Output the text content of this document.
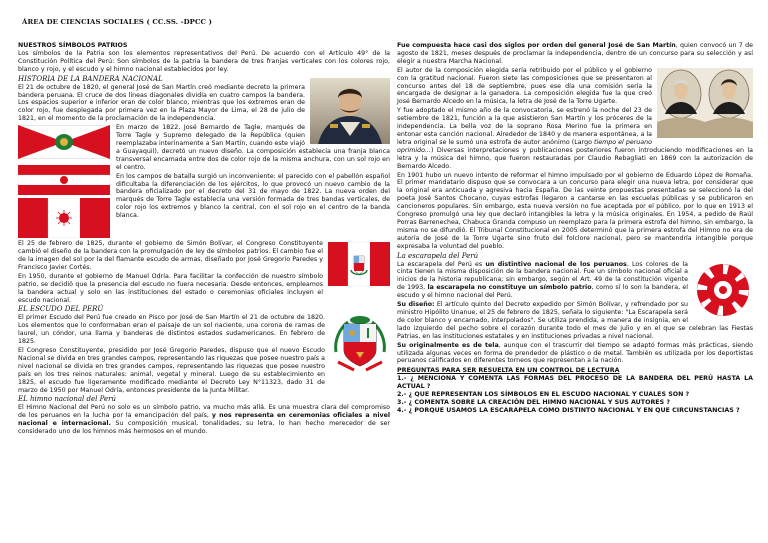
ÁREA DE CIENCIAS SOCIALES ( CC.SS. -DPCC )

NUESTROS SÍMBOLOS PATRIOS

Los símbolos de la Patria son los elementos representativos del Perú. De acuerdo con el Artículo 49° de la Constitución Política del Perú: Son símbolos de la patria la bandera de tres franjas verticales con los colores rojo, blanco y rojo, y el escudo y el himno nacional establecidos por ley.

HISTORIA DE LA BANDERA NACIONAL

El 21 de octubre de 1820, el general José de San Martín creó mediante decreto la primera bandera peruana. El cruce de dos líneas diagonales dividía en cuatro campos la bandera. Los espacios superior e inferior eran de color blanco, mientras que los extremos eran de color rojo, fue desplegada por primera vez en la Plaza Mayor de Lima, el 28 de julio de 1821, en el momento de la proclamación de la independencia.

En marzo de 1822, José Bernardo de Tagle, marqués de Torre Tagle y Supremo delegado de la República (quien reemplazaba interinamente a San Martín, cuando este viajó a Guayaquil), decretó un nuevo diseño. La composición establecía una franja blanca transversal encamada entre dos de color rojo de la misma anchura, con un sol rojo en el centro.

En los campos de batalla surgió un inconveniente: el parecido con el pabellón español dificultaba la diferenciación de los ejércitos, lo que provocó un nuevo cambio de la bandera oficializado por el decreto del 31 de mayo de 1822. La nueva orden del marqués de Torre Tagle establecía una versión formada de tres bandas verticales, de color rojo los extremos y blanco la central, con el sol rojo en el centro de la banda blanca.

El 25 de febrero de 1825, durante el gobierno de Simón Bolívar, el Congreso Constituyente cambió el diseño de la bandera con la promulgación de ley de símbolos patrios. El cambio fue el de la imagen del sol por la del flamante escudo de armas, diseñado por José Gregorio Paredes y Francisco Javier Cortés.

En 1950, durante el gobierno de Manuel Odría. Para facilitar la confección de nuestro símbolo patrio, se decidió que la presencia del escudo no fuera necesaria. Desde entonces, empleamos la bandera actual y solo en las instituciones del estado o ceremonias oficiales incluyen el escudo nacional.

EL ESCUDO DEL PERÚ

El primer Escudo del Perú fue creado en Pisco por José de San Martín el 21 de octubre de 1820. Los elementos que lo conformaban eran el paisaje de un sol naciente, una corona de ramas de laurel, un cóndor, una llama y banderas de distintos estados sudamericanos. En febrero de 1825.

El Congreso Constituyente, presidido por José Gregorio Paredes, dispuso que el nuevo Escudo Nacional se divida en tres grandes campos, representando las riquezas que posee nuestro país a nivel nacional se divida en tres grandes campos, representando las riquezas que posee nuestro país en los tres reinos naturales: animal, vegetal y mineral. Luego de su establecimiento en 1825, el escudo fue ligeramente modificado mediante el Decreto Ley N°11323, dado 31 de marzo de 1950 por Manuel Odría, entonces presidente de la Junta Militar.

EL himno nacional del Perú

El Himno Nacional del Perú no solo es un símbolo patrio, va mucho más allá. Es una muestra clara del compromiso de los peruanos en la lucha por la emancipación del país, y nos representa en ceremonias oficiales a nivel nacional e internacional. Su composición musical, tonalidades, su letra, lo han hecho merecedor de ser considerado uno de los himnos más hermosos en el mundo.

Fue compuesta hace casi dos siglos por orden del general José de San Martín, quien convocó un 7 de agosto de 1821, meses después de proclamar la independencia, dentro de un concurso para su selección y así elegir a nuestra Marcha Nacional.

El autor de la composición elegida sería retribuido por el público y el gobierno con la gratitud nacional. Fueron siete las composiciones que se presentaron al concurso antes del 18 de septiembre, pues ese día una comisión sería la encargada de designar a la ganadora. La composición elegida fue la que creó José Bernardo Alcedo en la música, la letra de José de la Torre Ugarte.

Y fue adoptado el mismo año de la convocatoria, se estrenó la noche del 23 de setiembre de 1821, función a la que asistieron San Martín y los próceres de la independencia. La bella voz de la soprano Rosa Merino fue la primera en entonar esta canción nacional. Alrededor de 1840 y de manera espontánea, a la letra original se le sumó una estrofa de autor anónimo (Largo tiempo el peruano oprimido...) Diversas interpretaciones y publicaciones posteriores fueron introduciendo modificaciones en la letra y la música del himno, que fueron restauradas por Claudio Rebagliati en 1869 con la autorización de Bernardo Alcedo.

En 1901 hubo un nuevo intento de reformar el himno impulsado por el gobierno de Eduardo López de Romaña. El primer mandatario dispuso que se convocara a un concurso para elegir una nueva letra, por considerar que la original era anticuada y agresiva hacia España. De las veinte propuestas presentadas se seleccionó la del poeta José Santos Chocano, cuyas estrofas llegaron a cantarse en las escuelas públicas y se publicaron en cancioneros populares. Sin embargo, esta nueva versión no fue aceptada por el público, por lo que en 1913 el Congreso promulgó una ley que declaró intangibles la letra y la música originales. En 1954, a pedido de Raúl Porras Barrenechea, Chabuca Granda compuso un reemplazo para la primera estrofa del himno, sin embargo, la misma no se difundió. El Tribunal Constitucional en 2005 determinó que la primera estrofa del Himno no era de autoría de José de la Torre Ugarte sino fruto del folclore nacional, pero se mantendría intangible porque expresaba la voluntad del pueblo.

La escarapela del Perú

La escarapela del Perú es un distintivo nacional de los peruanos. Los colores de la cinta tienen la misma disposición de la bandera nacional. Fue un símbolo nacional oficial a inicios de la historia republicana; sin embargo, según el Art. 49 de la constitución vigente de 1993, la escarapela no constituye un símbolo patrio, como sí lo son la bandera, el escudo y el himno nacional del Perú.

Su diseño: El artículo quinto del Decreto expedido por Simón Bolívar, y refrendado por su ministro Hipólito Unanue, el 25 de febrero de 1825, señala lo siguiente: "La Escarapela será de color blanco y encarnado, interpolados". Se utiliza prendida, a manera de insignia, en el lado izquierdo del pecho sobre el corazón durante todo el mes de julio y en el que se celebran las Fiestas Patrias, en las instituciones estatales y en instituciones privadas a nivel nacional.

Su originalmente es de tela, aunque con el trascurrir del tiempo se adaptó formas más prácticas, siendo utilizada algunas veces en forma de prendedor de plástico o de metal. También es utilizada por los deportistas peruanos calificados en diferentes torneos que representan a la nación.

PREGUNTAS PARA SER RESUELTA EN UN CONTROL DE LECTURA

1.- ¿ MENCIONA Y COMENTA LAS FORMAS DEL PROCESO DE LA BANDERA DEL PERÚ HASTA LA ACTUAL ?

2.- ¿ QUE REPRESENTAN LOS SÍMBOLOS EN EL ESCUDO NACIONAL Y CUALES SON ?

3.- ¿ COMENTA SOBRE LA CREACIÓN DEL HIMNO NACIONAL Y SUS AUTORES ?

4.- ¿ PORQUE USAMOS LA ESCARAPELA COMO DISTINTO NACIONAL Y EN QUE CIRCUNSTANCIAS ?
